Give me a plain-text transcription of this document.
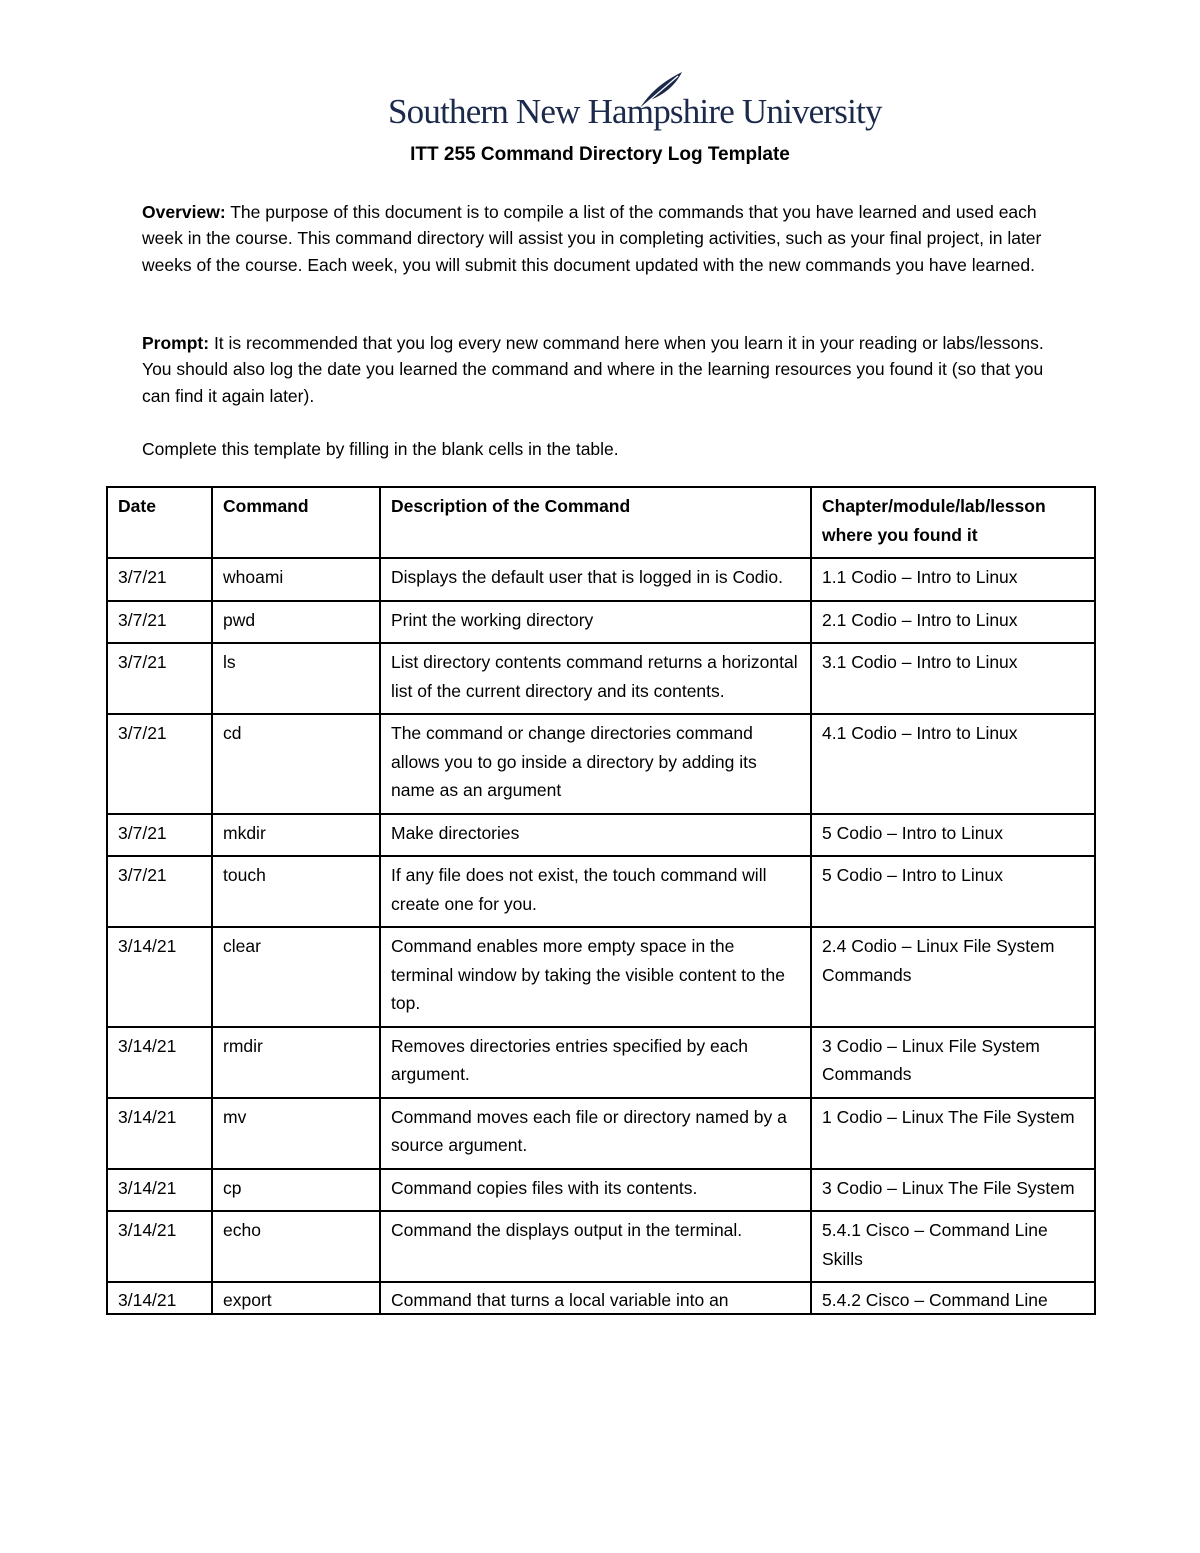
Southern New Hampshire University
ITT 255 Command Directory Log Template
Overview: The purpose of this document is to compile a list of the commands that you have learned and used each week in the course. This command directory will assist you in completing activities, such as your final project, in later weeks of the course. Each week, you will submit this document updated with the new commands you have learned.
Prompt: It is recommended that you log every new command here when you learn it in your reading or labs/lessons. You should also log the date you learned the command and where in the learning resources you found it (so that you can find it again later).
Complete this template by filling in the blank cells in the table.
Date	Command	Description of the Command	Chapter/module/lab/lesson where you found it
3/7/21	whoami	Displays the default user that is logged in is Codio.	1.1 Codio – Intro to Linux
3/7/21	pwd	Print the working directory	2.1 Codio – Intro to Linux
3/7/21	ls	List directory contents command returns a horizontal list of the current directory and its contents.	3.1 Codio – Intro to Linux
3/7/21	cd	The command or change directories command allows you to go inside a directory by adding its name as an argument	4.1 Codio – Intro to Linux
3/7/21	mkdir	Make directories	5 Codio – Intro to Linux
3/7/21	touch	If any file does not exist, the touch command will create one for you.	5 Codio – Intro to Linux
3/14/21	clear	Command enables more empty space in the terminal window by taking the visible content to the top.	2.4 Codio – Linux File System Commands
3/14/21	rmdir	Removes directories entries specified by each argument.	3 Codio – Linux File System Commands
3/14/21	mv	Command moves each file or directory named by a source argument.	1 Codio – Linux The File System
3/14/21	cp	Command copies files with its contents.	3 Codio – Linux The File System
3/14/21	echo	Command the displays output in the terminal.	5.4.1 Cisco – Command Line Skills
3/14/21	export	Command that turns a local variable into an	5.4.2 Cisco – Command Line
